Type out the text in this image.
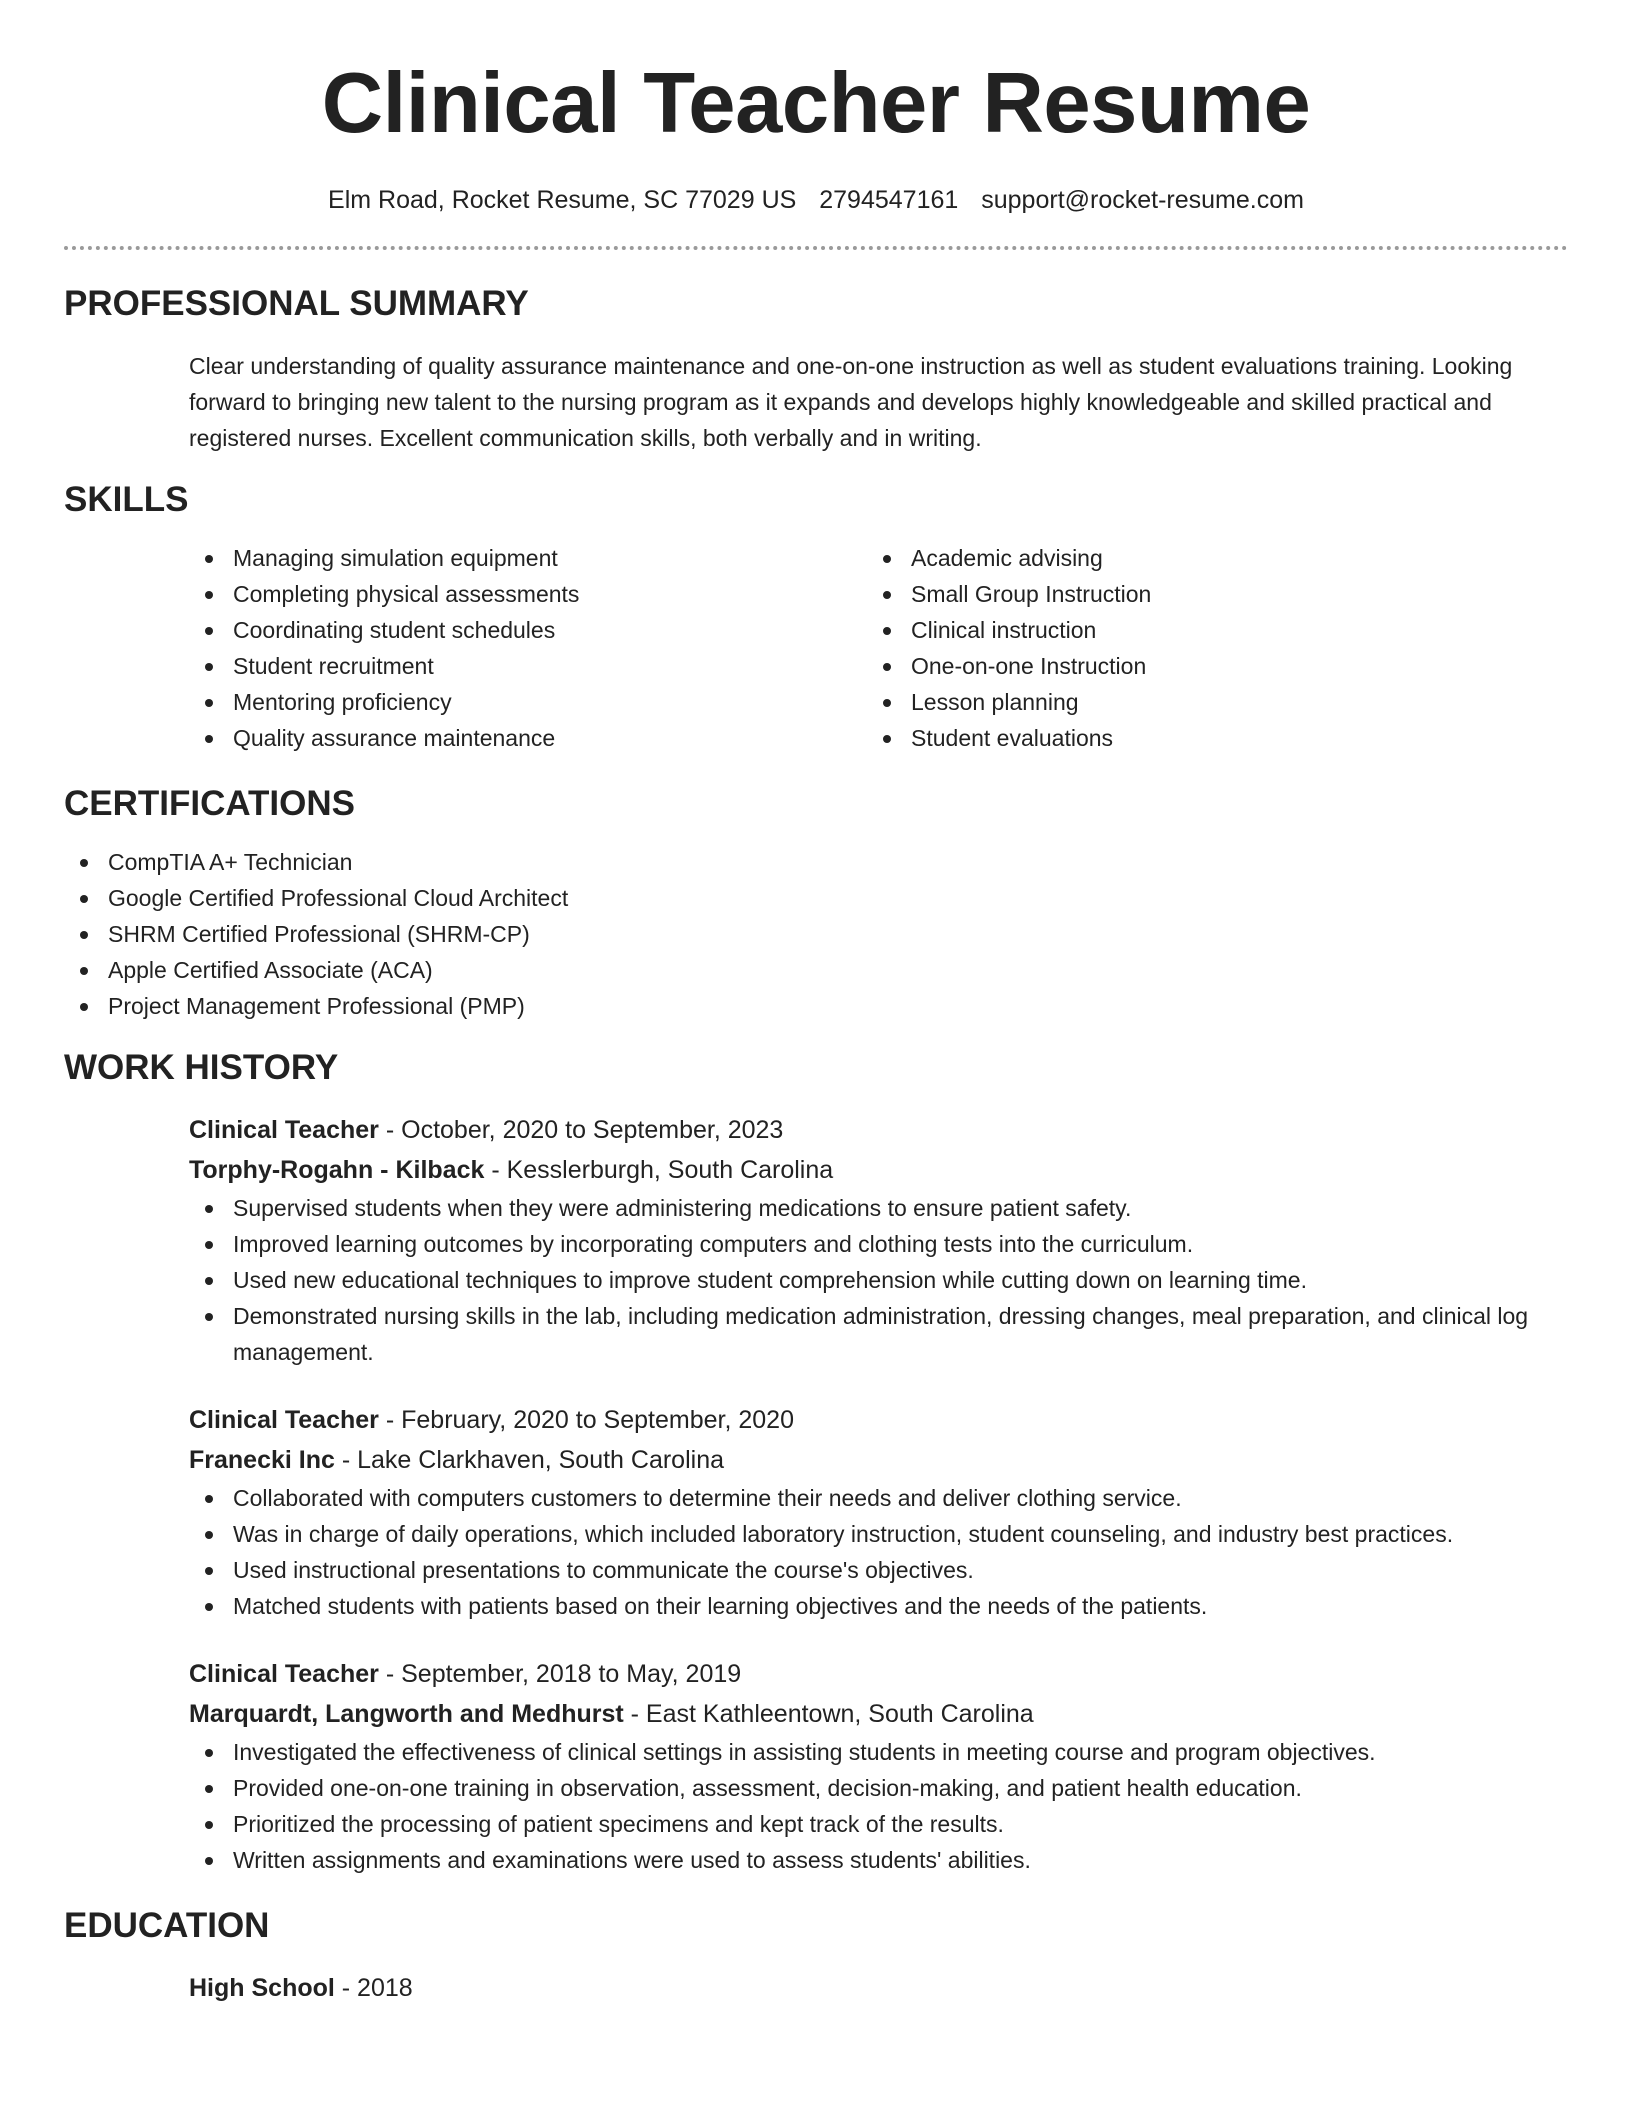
Clinical Teacher Resume
Elm Road, Rocket Resume, SC 77029 US 2794547161 support@rocket-resume.com
PROFESSIONAL SUMMARY
Clear understanding of quality assurance maintenance and one-on-one instruction as well as student evaluations training. Looking forward to bringing new talent to the nursing program as it expands and develops highly knowledgeable and skilled practical and registered nurses. Excellent communication skills, both verbally and in writing.
SKILLS
Managing simulation equipment
Completing physical assessments
Coordinating student schedules
Student recruitment
Mentoring proficiency
Quality assurance maintenance
Academic advising
Small Group Instruction
Clinical instruction
One-on-one Instruction
Lesson planning
Student evaluations
CERTIFICATIONS
CompTIA A+ Technician
Google Certified Professional Cloud Architect
SHRM Certified Professional (SHRM-CP)
Apple Certified Associate (ACA)
Project Management Professional (PMP)
WORK HISTORY
Clinical Teacher - October, 2020 to September, 2023
Torphy-Rogahn - Kilback - Kesslerburgh, South Carolina
Supervised students when they were administering medications to ensure patient safety.
Improved learning outcomes by incorporating computers and clothing tests into the curriculum.
Used new educational techniques to improve student comprehension while cutting down on learning time.
Demonstrated nursing skills in the lab, including medication administration, dressing changes, meal preparation, and clinical log management.
Clinical Teacher - February, 2020 to September, 2020
Franecki Inc - Lake Clarkhaven, South Carolina
Collaborated with computers customers to determine their needs and deliver clothing service.
Was in charge of daily operations, which included laboratory instruction, student counseling, and industry best practices.
Used instructional presentations to communicate the course's objectives.
Matched students with patients based on their learning objectives and the needs of the patients.
Clinical Teacher - September, 2018 to May, 2019
Marquardt, Langworth and Medhurst - East Kathleentown, South Carolina
Investigated the effectiveness of clinical settings in assisting students in meeting course and program objectives.
Provided one-on-one training in observation, assessment, decision-making, and patient health education.
Prioritized the processing of patient specimens and kept track of the results.
Written assignments and examinations were used to assess students' abilities.
EDUCATION
High School - 2018
